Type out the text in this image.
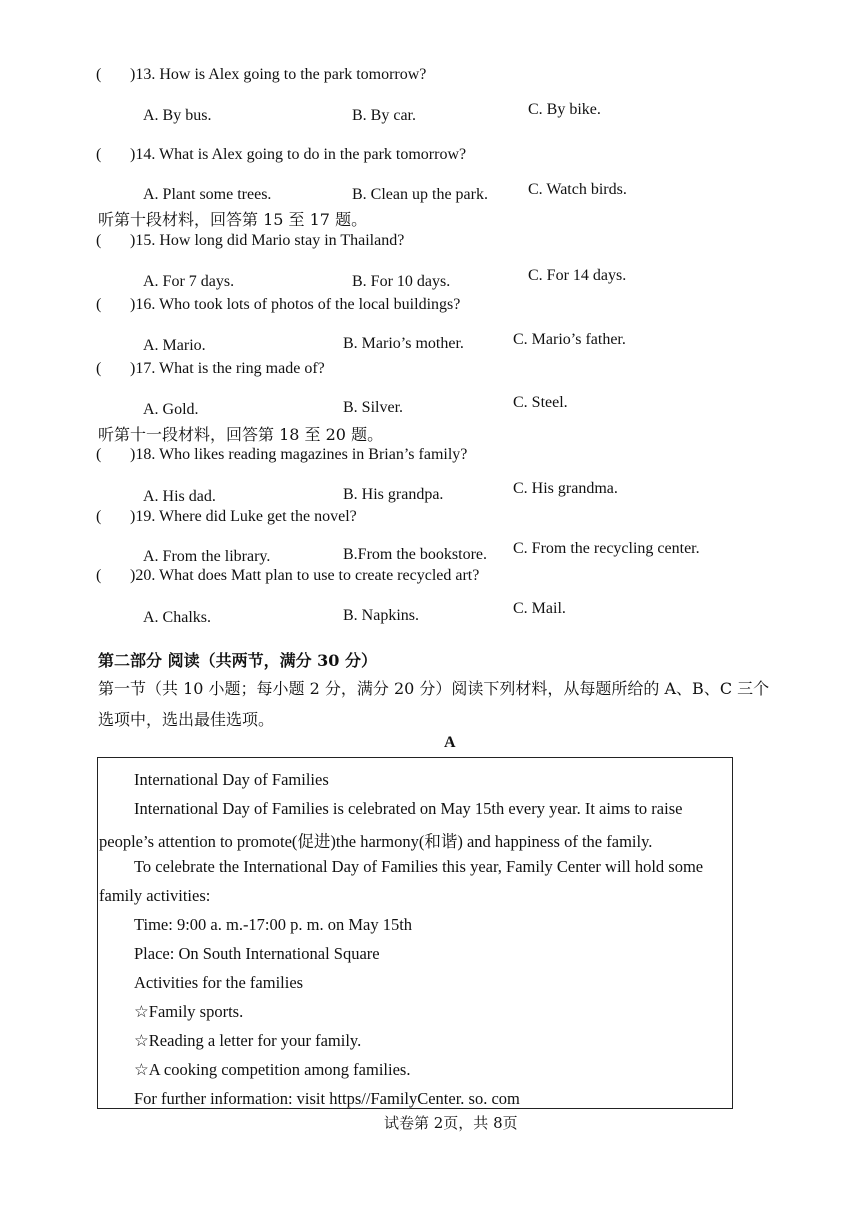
( )13. How is Alex going to the park tomorrow?
A. By bus.	B. By car.	C. By bike.
( )14. What is Alex going to do in the park tomorrow?
A. Plant some trees.	B. Clean up the park.	C. Watch birds.
听第十段材料，回答第 15 至 17 题。
( )15. How long did Mario stay in Thailand?
A. For 7 days.	B. For 10 days.	C. For 14 days.
( )16. Who took lots of photos of the local buildings?
A. Mario.	B. Mario’s mother.	C. Mario’s father.
( )17. What is the ring made of?
A. Gold.	B. Silver.	C. Steel.
听第十一段材料，回答第 18 至 20 题。
( )18. Who likes reading magazines in Brian’s family?
A. His dad.	B. His grandpa.	C. His grandma.
( )19. Where did Luke get the novel?
A. From the library.	B.From the bookstore. C. From the recycling center.
( )20. What does Matt plan to use to create recycled art?
A. Chalks.	B. Napkins.	C. Mail.
第二部分 阅读（共两节，满分 30 分）
第一节（共 10 小题；每小题 2 分，满分 20 分）阅读下列材料，从每题所给的 A、B、C 三个
选项中，选出最佳选项。
A
International Day of Families
International Day of Families is celebrated on May 15th every year. It aims to raise
people’s attention to promote(促进)the harmony(和谐) and happiness of the family.
To celebrate the International Day of Families this year, Family Center will hold some
family activities:
Time: 9:00 a. m.-17:00 p. m. on May 15th
Place: On South International Square
Activities for the families
☆Family sports.
☆Reading a letter for your family.
☆A cooking competition among families.
For further information: visit https//FamilyCenter. so. com
试卷第 2页，共 8页
